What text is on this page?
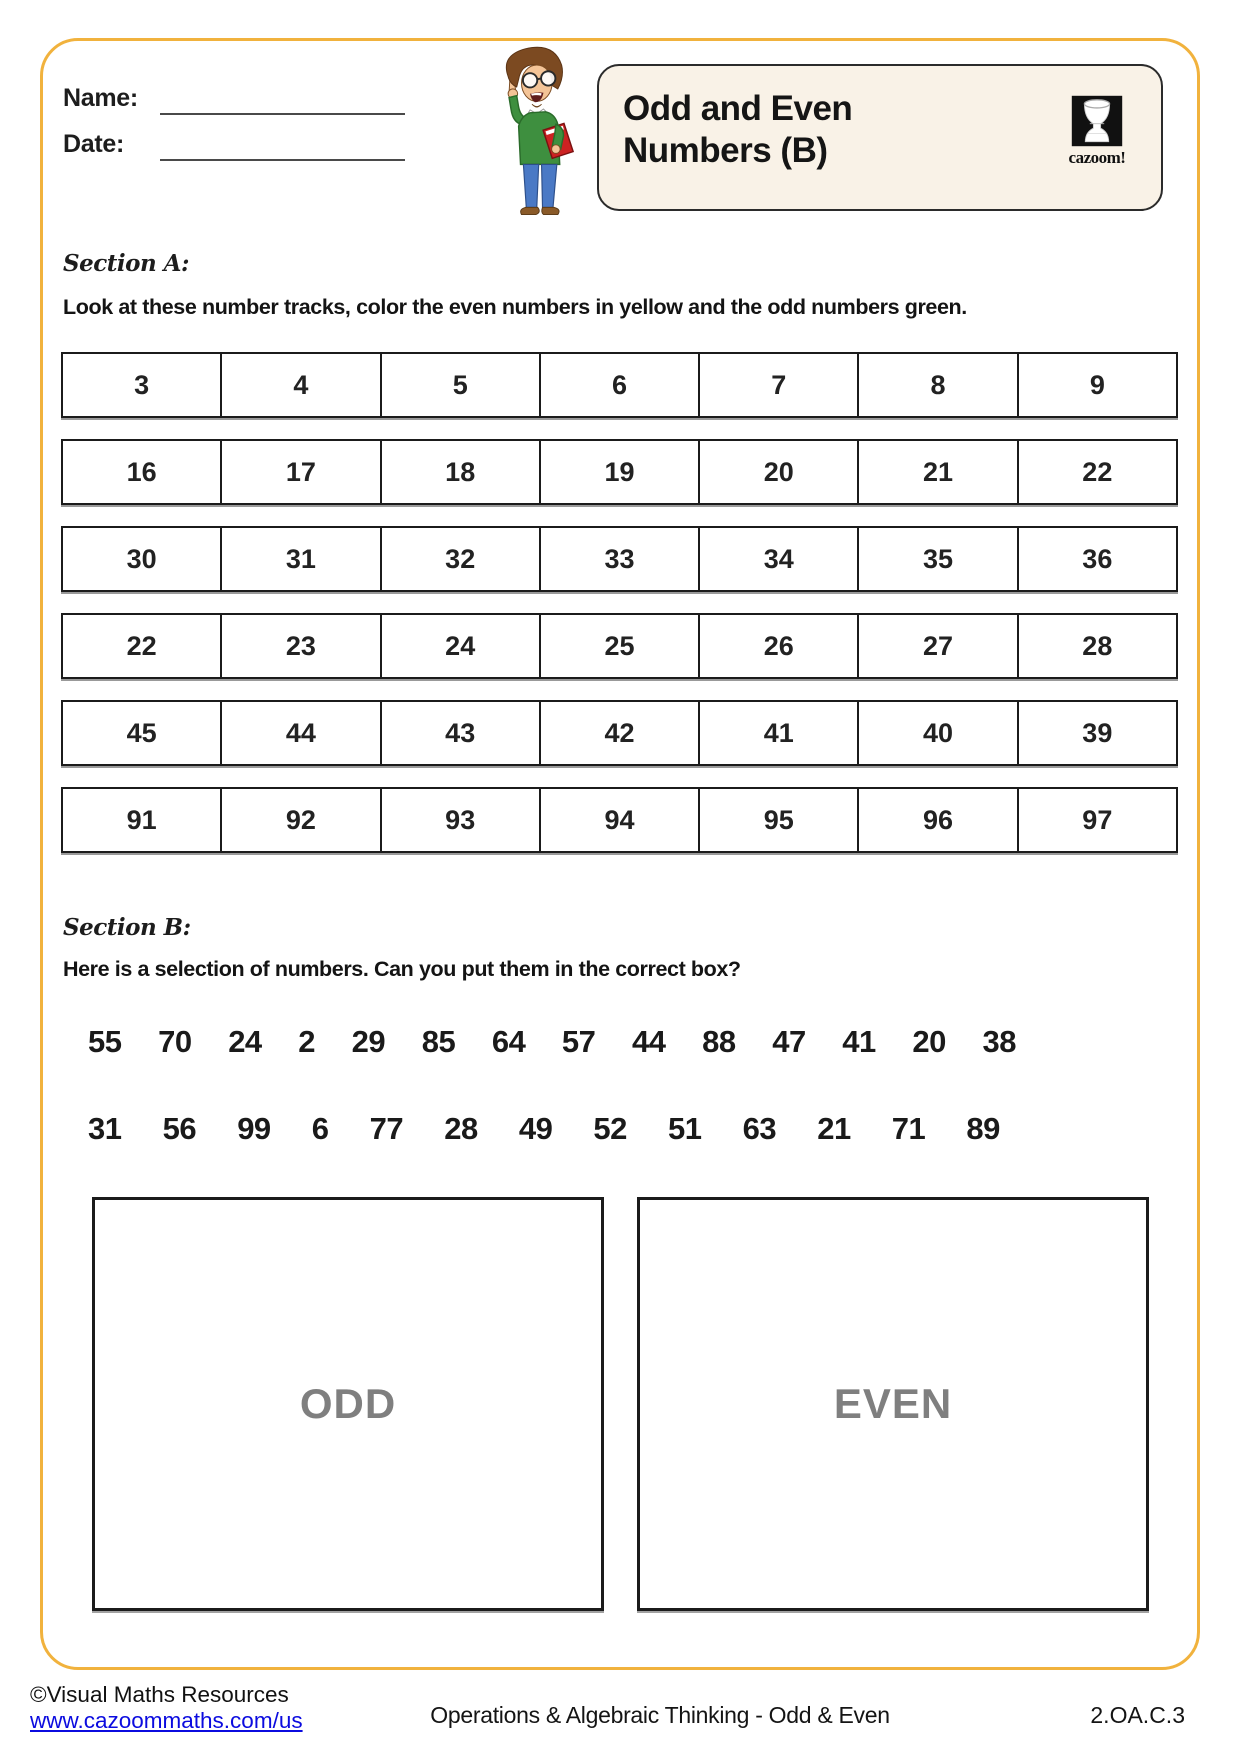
Name:
Date:
Odd and Even
Numbers (B)	cazoom!
Section A:

Look at these number tracks, color the even numbers in yellow and the odd numbers green.

3	4	5	6	7	8	9
16	17	18	19	20	21	22
30	31	32	33	34	35	36
22	23	24	25	26	27	28
45	44	43	42	41	40	39
91	92	93	94	95	96	97
Section B:

Here is a selection of numbers. Can you put them in the correct box?

55 70 24 2 29 85 64 57 44 88 47 41 20 38
31 56 99 6 77 28 49 52 51 63 21 71 89
ODD	EVEN
©Visual Maths Resources
www.cazoommaths.com/us	Operations & Algebraic Thinking - Odd & Even	2.OA.C.3
